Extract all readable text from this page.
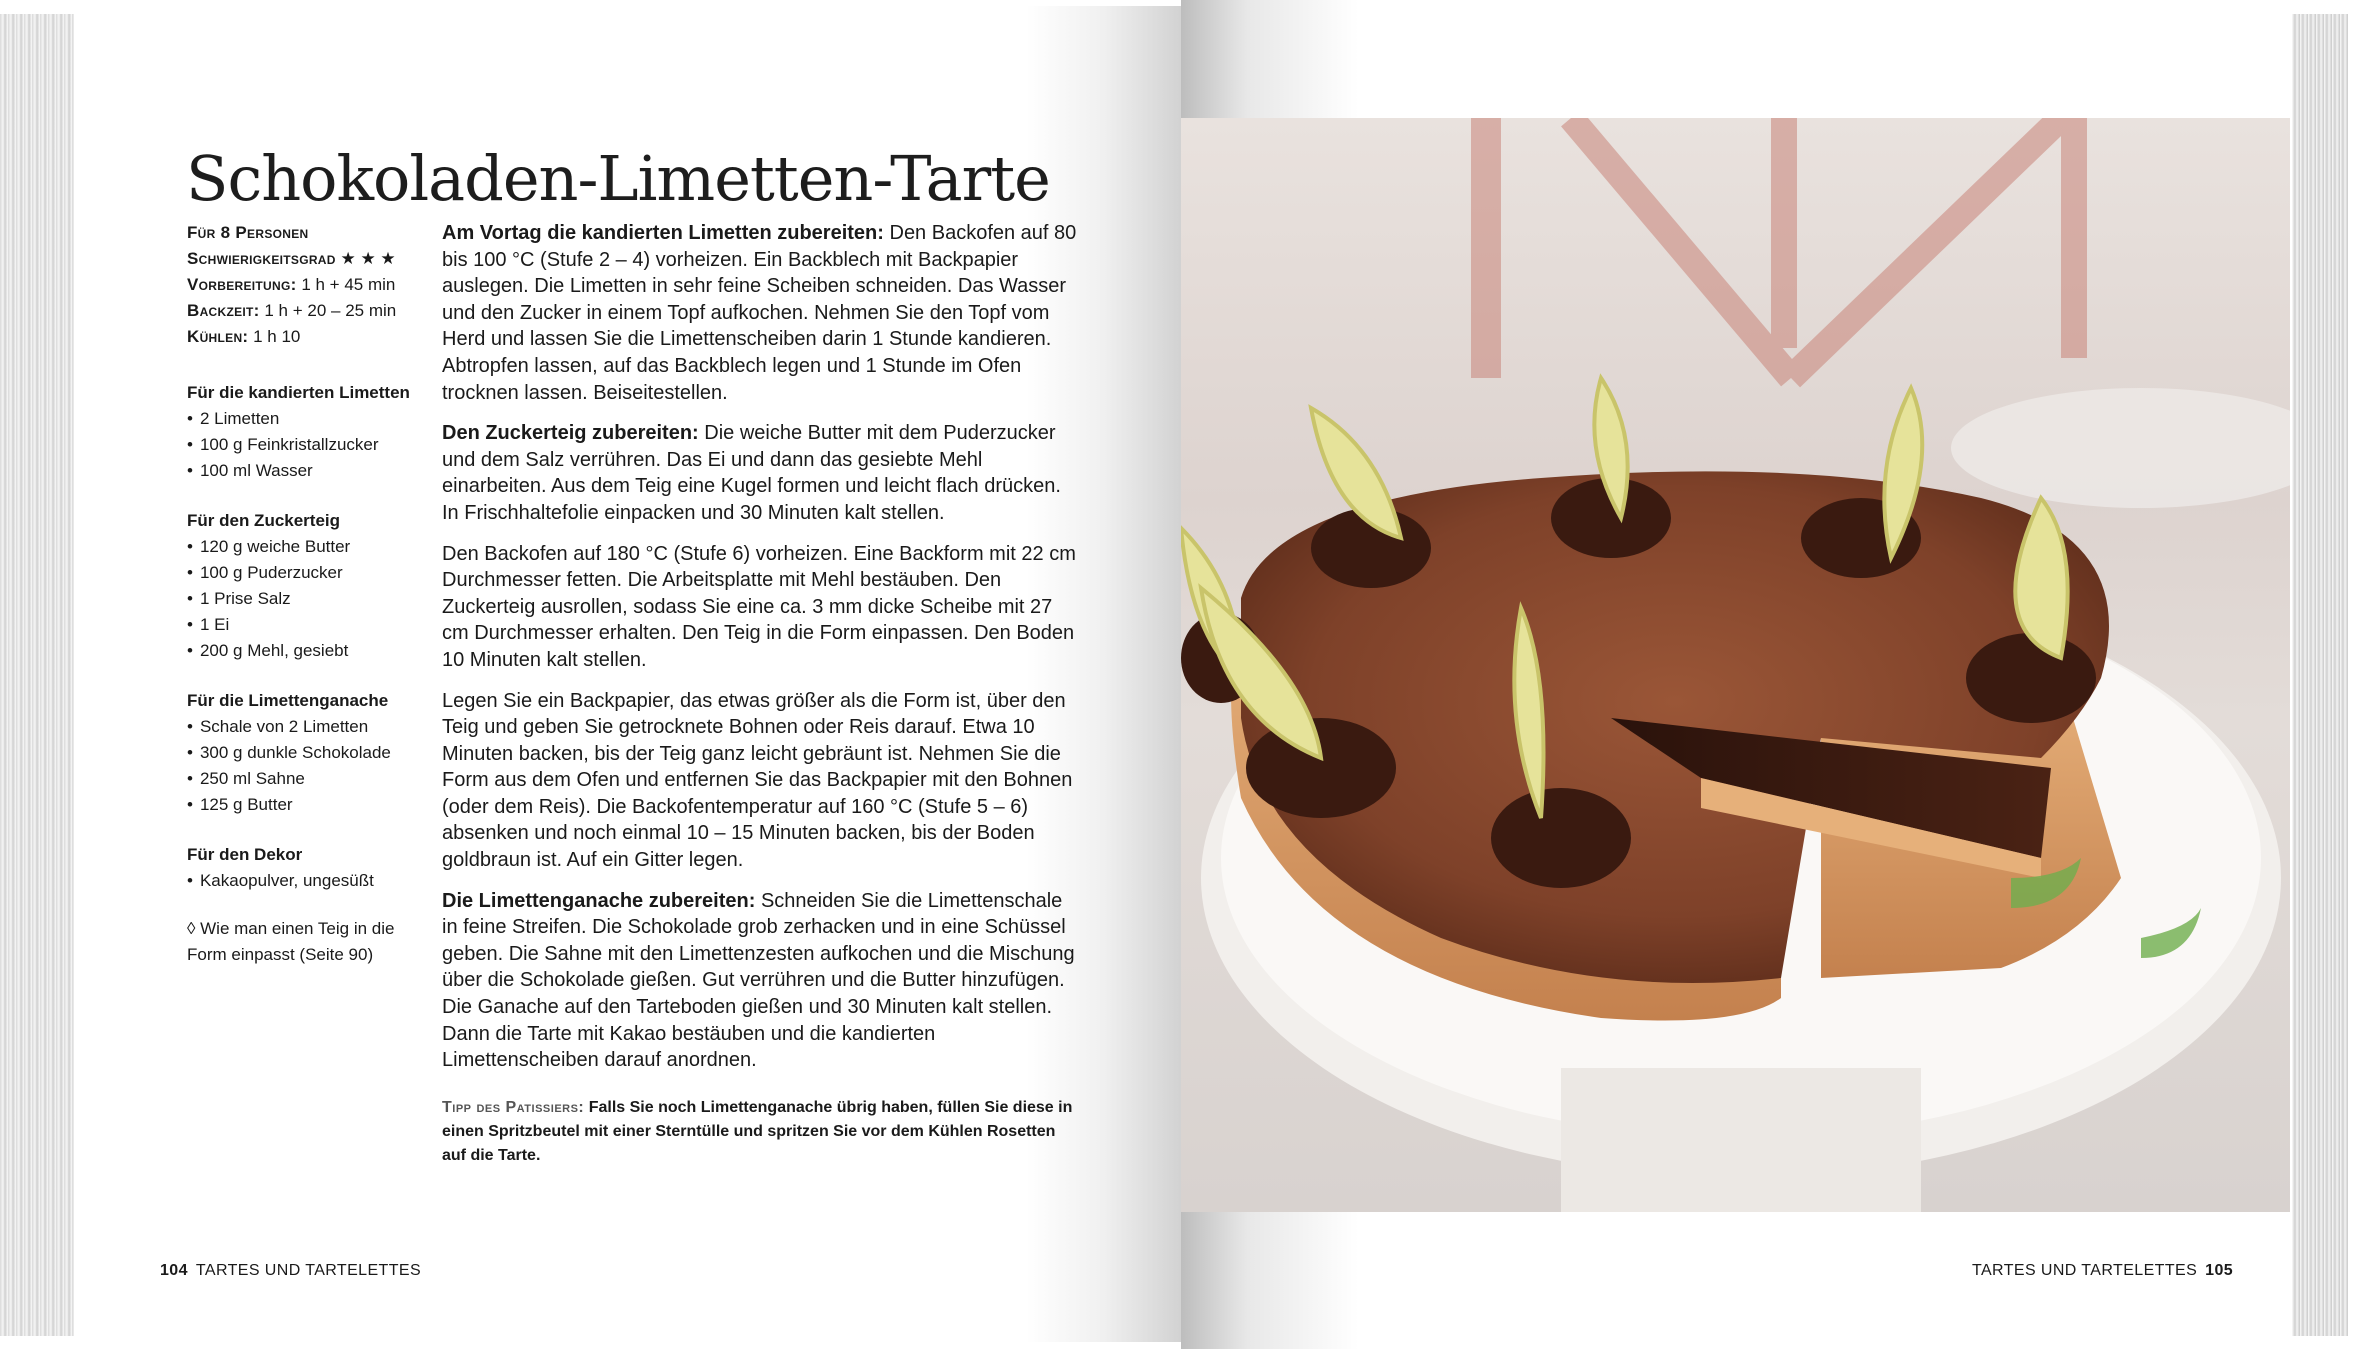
Schokoladen-Limetten-Tarte
Für 8 Personen
Schwierigkeitsgrad ★ ★ ★
Vorbereitung: 1 h + 45 min
Backzeit: 1 h + 20 – 25 min
Kühlen: 1 h 10
Für die kandierten Limetten
• 2 Limetten
• 100 g Feinkristallzucker
• 100 ml Wasser
Für den Zuckerteig
• 120 g weiche Butter
• 100 g Puderzucker
• 1 Prise Salz
• 1 Ei
• 200 g Mehl, gesiebt
Für die Limettenganache
• Schale von 2 Limetten
• 300 g dunkle Schokolade
• 250 ml Sahne
• 125 g Butter
Für den Dekor
• Kakaopulver, ungesüßt
◊ Wie man einen Teig in die Form einpasst (Seite 90)

Am Vortag die kandierten Limetten zubereiten: Den Backofen auf 80 bis 100 °C (Stufe 2 – 4) vorheizen. Ein Backblech mit Backpapier auslegen. Die Limetten in sehr feine Scheiben schneiden. Das Wasser und den Zucker in einem Topf aufkochen. Nehmen Sie den Topf vom Herd und lassen Sie die Limettenscheiben darin 1 Stunde kandieren. Abtropfen lassen, auf das Backblech legen und 1 Stunde im Ofen trocknen lassen. Beiseitestellen.

Den Zuckerteig zubereiten: Die weiche Butter mit dem Puderzucker und dem Salz verrühren. Das Ei und dann das gesiebte Mehl einarbeiten. Aus dem Teig eine Kugel formen und leicht flach drücken. In Frischhaltefolie einpacken und 30 Minuten kalt stellen.

Den Backofen auf 180 °C (Stufe 6) vorheizen. Eine Backform mit 22 cm Durchmesser fetten. Die Arbeitsplatte mit Mehl bestäuben. Den Zuckerteig ausrollen, sodass Sie eine ca. 3 mm dicke Scheibe mit 27 cm Durchmesser erhalten. Den Teig in die Form einpassen. Den Boden 10 Minuten kalt stellen.

Legen Sie ein Backpapier, das etwas größer als die Form ist, über den Teig und geben Sie getrocknete Bohnen oder Reis darauf. Etwa 10 Minuten backen, bis der Teig ganz leicht gebräunt ist. Nehmen Sie die Form aus dem Ofen und entfernen Sie das Backpapier mit den Bohnen (oder dem Reis). Die Backofentemperatur auf 160 °C (Stufe 5 – 6) absenken und noch einmal 10 – 15 Minuten backen, bis der Boden goldbraun ist. Auf ein Gitter legen.

Die Limettenganache zubereiten: Schneiden Sie die Limettenschale in feine Streifen. Die Schokolade grob zerhacken und in eine Schüssel geben. Die Sahne mit den Limettenzesten aufkochen und die Mischung über die Schokolade gießen. Gut verrühren und die Butter hinzufügen. Die Ganache auf den Tarteboden gießen und 30 Minuten kalt stellen. Dann die Tarte mit Kakao bestäuben und die kandierten Limettenscheiben darauf anordnen.

Tipp des Patissiers: Falls Sie noch Limettenganache übrig haben, füllen Sie diese in einen Spritzbeutel mit einer Sterntülle und spritzen Sie vor dem Kühlen Rosetten auf die Tarte.
104 TARTES UND TARTELETTES	TARTES UND TARTELETTES 105
